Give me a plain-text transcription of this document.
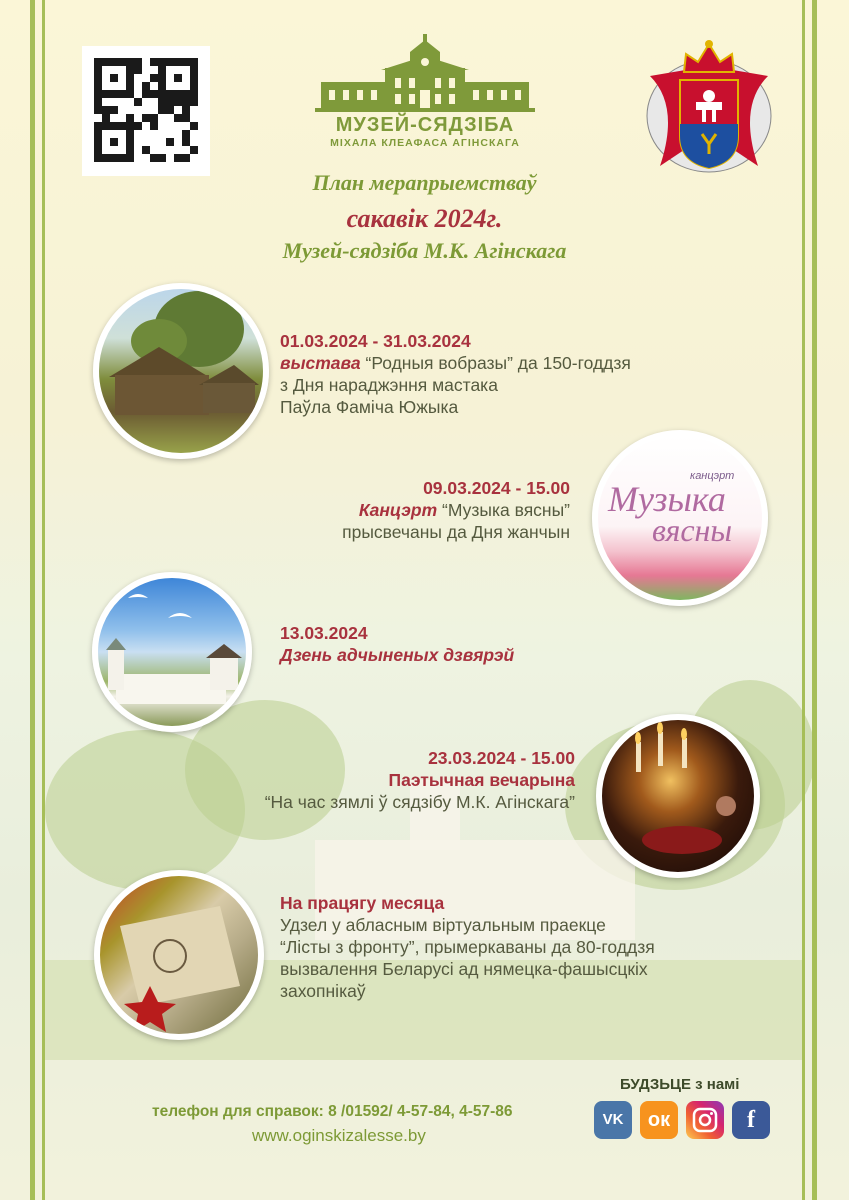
МУЗЕЙ-СЯДЗІБА
МІХАЛА КЛЕАФАСА АГІНСКАГА
План мерапрыемстваў
сакавік 2024г.
Музей-сядзіба М.К. Агінскага
01.03.2024 - 31.03.2024
выстава “Родныя вобразы” да 150-годдзя
з Дня нараджэння мастака
Паўла Фаміча Южыка
09.03.2024 - 15.00
Канцэрт “Музыка вясны”
прысвечаны да Дня жанчын
канцэрт
Музыка
вясны
13.03.2024
Дзень адчыненых дзвярэй
23.03.2024 - 15.00
Паэтычная вечарына
“На час зямлі ў сядзібу М.К. Агінскага”
На працягу месяца
Удзел у абласным віртуальным праекце
“Лісты з фронту”, прымеркаваны да 80-годдзя
вызвалення Беларусі ад нямецка-фашысцкіх
захопнікаў
телефон для справок: 8 /01592/ 4-57-84, 4-57-86
www.oginskizalesse.by
БУДЗЬЦЕ з намі
VK	ок	f
